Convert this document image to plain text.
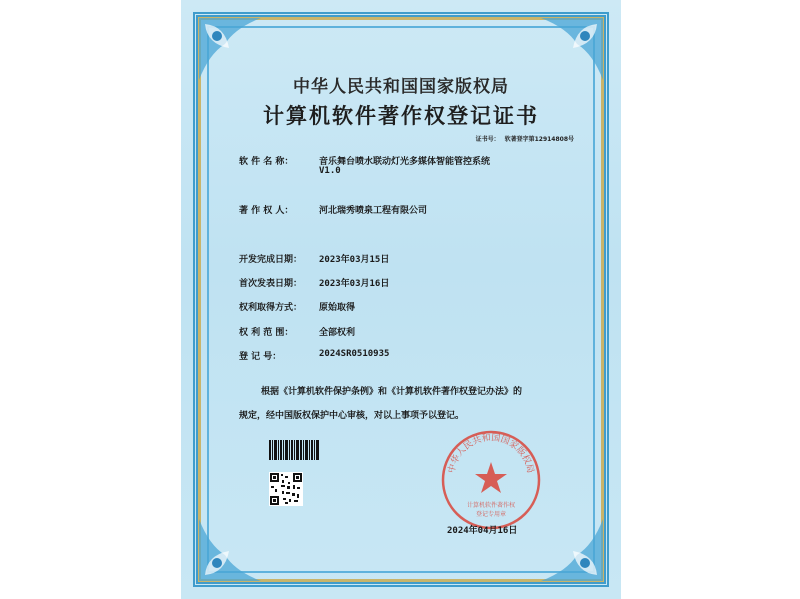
中华人民共和国国家版权局
计算机软件著作权登记证书
证书号： 软著登字第12914808号
软 件 名 称：	音乐舞台喷水联动灯光多媒体智能管控系统
V1.0
著 作 权 人：	河北瑞秀喷泉工程有限公司
开发完成日期：	2023年03月15日
首次发表日期：	2023年03月16日
权利取得方式：	原始取得
权 利 范 围：	全部权利
登 记 号：	2024SR0510935
根据《计算机软件保护条例》和《计算机软件著作权登记办法》的
规定，经中国版权保护中心审核，对以上事项予以登记。
中华人民共和国国家版权局
计算机软件著作权
登记专用章
2024年04月16日
